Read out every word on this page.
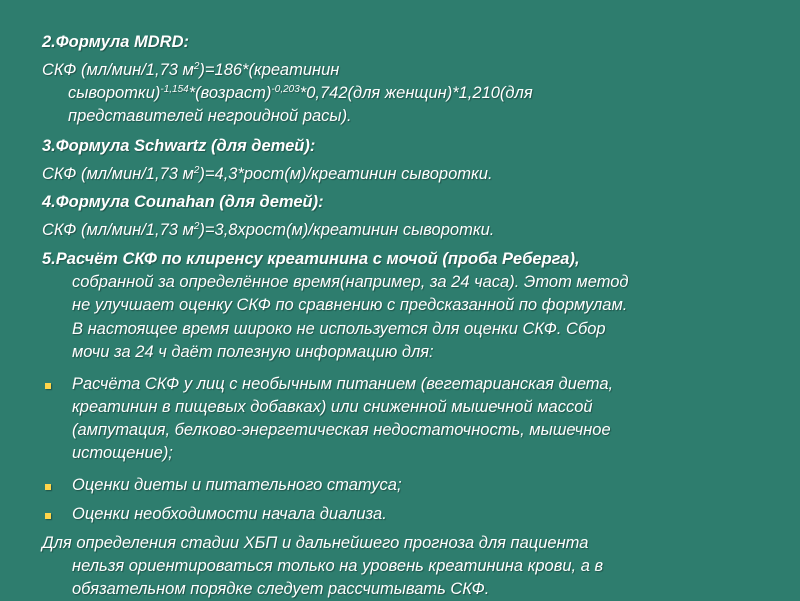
2.Формула MDRD:
СКФ (мл/мин/1,73 $м^2)=186*(креатинин$
сыворотки)$^{-1,154}$*(возраст)$^{-0,203}$*0,742(для женщин)*1,210(для
представителей негроидной расы).
3.Формула Schwartz (для детей):
СКФ (мл/мин/1,73 $м^2)=4,3*рост(м)$/креатинин сыворотки.
4.Формула Counahan (для детей):
СКФ (мл/мин/1,73 $м^2)=3,8хрост(м)$/креатинин сыворотки.
5.Расчёт СКФ по клиренсу креатинина с мочой (проба Реберга),
собранной за определённое время(например, за 24 часа). Этот метод
не улучшает оценку СКФ по сравнению с предсказанной по формулам.
В настоящее время широко не используется для оценки СКФ. Сбор
мочи за 24 ч даёт полезную информацию для:
Расчёта СКФ у лиц с необычным питанием (вегетарианская диета,
креатинин в пищевых добавках) или сниженной мышечной массой
(ампутация, белково-энергетическая недостаточность, мышечное
истощение);
Оценки диеты и питательного статуса;
Оценки необходимости начала диализа.
Для определения стадии ХБП и дальнейшего прогноза для пациента
нельзя ориентироваться только на уровень креатинина крови, а в
обязательном порядке следует рассчитывать СКФ.
